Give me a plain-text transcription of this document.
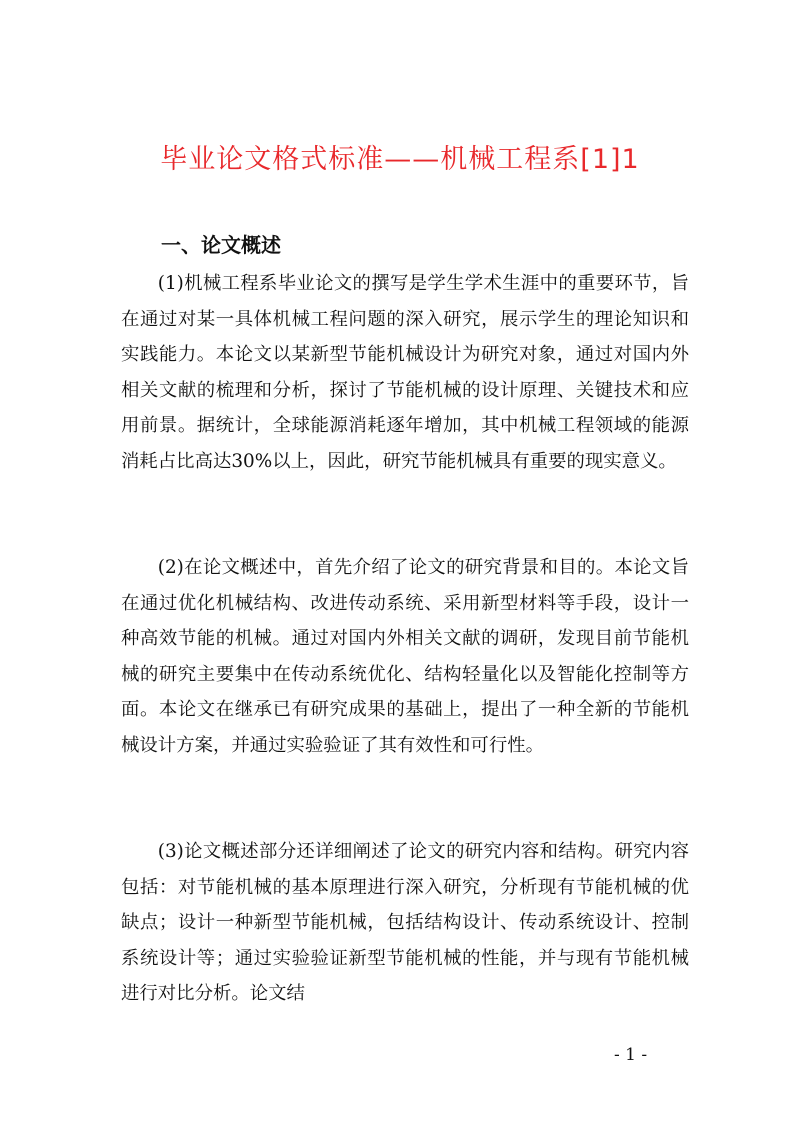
毕业论文格式标准——机械工程系[1]1
一、论文概述

(1)机械工程系毕业论文的撰写是学生学术生涯中的重要环节，旨在通过对某一具体机械工程问题的深入研究，展示学生的理论知识和实践能力。本论文以某新型节能机械设计为研究对象，通过对国内外相关文献的梳理和分析，探讨了节能机械的设计原理、关键技术和应用前景。据统计，全球能源消耗逐年增加，其中机械工程领域的能源消耗占比高达30%以上，因此，研究节能机械具有重要的现实意义。

(2)在论文概述中，首先介绍了论文的研究背景和目的。本论文旨在通过优化机械结构、改进传动系统、采用新型材料等手段，设计一种高效节能的机械。通过对国内外相关文献的调研，发现目前节能机械的研究主要集中在传动系统优化、结构轻量化以及智能化控制等方面。本论文在继承已有研究成果的基础上，提出了一种全新的节能机械设计方案，并通过实验验证了其有效性和可行性。

(3)论文概述部分还详细阐述了论文的研究内容和结构。研究内容包括：对节能机械的基本原理进行深入研究，分析现有节能机械的优缺点；设计一种新型节能机械，包括结构设计、传动系统设计、控制系统设计等；通过实验验证新型节能机械的性能，并与现有节能机械进行对比分析。论文结

- 1 -
